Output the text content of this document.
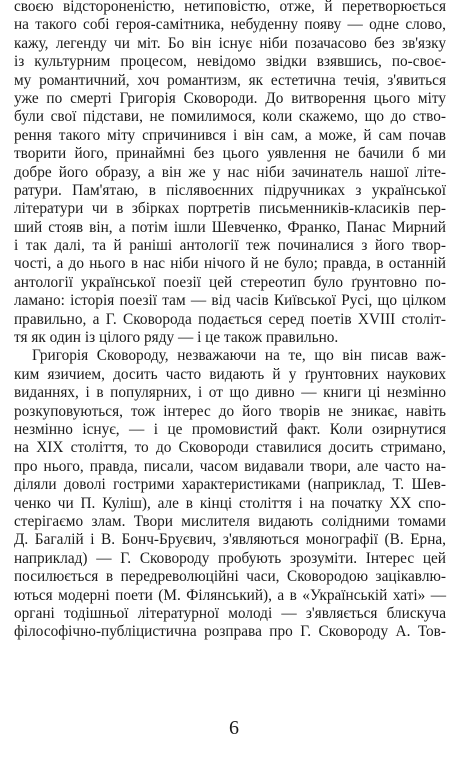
своєю відстороненістю, нетиповістю, отже, й перетворюється
на такого собі героя-самітника, небуденну появу — одне слово,
кажу, легенду чи міт. Бо він існує ніби позачасово без зв'язку
із культурним процесом, невідомо звідки взявшись, по-своє-
му романтичний, хоч романтизм, як естетична течія, з'явиться
уже по смерті Григорія Сковороди. До витворення цього міту
були свої підстави, не помилимося, коли скажемо, що до ство-
рення такого міту спричинився і він сам, а може, й сам почав
творити його, принаймні без цього уявлення не бачили б ми
добре його образу, а він же у нас ніби зачинатель нашої літе-
ратури. Пам'ятаю, в післявоєнних підручниках з української
літератури чи в збірках портретів письменників-класиків пер-
ший стояв він, а потім ішли Шевченко, Франко, Панас Мирний
і так далі, та й раніші антології теж починалися з його твор-
чості, а до нього в нас ніби нічого й не було; правда, в останній
антології української поезії цей стереотип було ґрунтовно по-
ламано: історія поезії там — від часів Київської Русі, що цілком
правильно, а Г. Сковорода подається серед поетів XVIII століт-
тя як один із цілого ряду — і це також правильно.
Григорія Сковороду, незважаючи на те, що він писав важ-
ким язичием, досить часто видають й у ґрунтовних наукових
виданнях, і в популярних, і от що дивно — книги ці незмінно
розкуповуються, тож інтерес до його творів не зникає, навіть
незмінно існує, — і це промовистий факт. Коли озирнутися
на XIX століття, то до Сковороди ставилися досить стримано,
про нього, правда, писали, часом видавали твори, але часто на-
діляли доволі гострими характеристиками (наприклад, Т. Шев-
ченко чи П. Куліш), але в кінці століття і на початку XX спо-
стерігаємо злам. Твори мислителя видають солідними томами
Д. Багалій і В. Бонч-Бруєвич, з'являються монографії (В. Ерна,
наприклад) — Г. Сковороду пробують зрозуміти. Інтерес цей
посилюється в передреволюційні часи, Сковородою зацікавлю-
ються модерні поети (М. Філянський), а в «Українській хаті» —
органі тодішньої літературної молоді — з'являється блискуча
філософічно-публіцистична розправа про Г. Сковороду А. Тов-
6
